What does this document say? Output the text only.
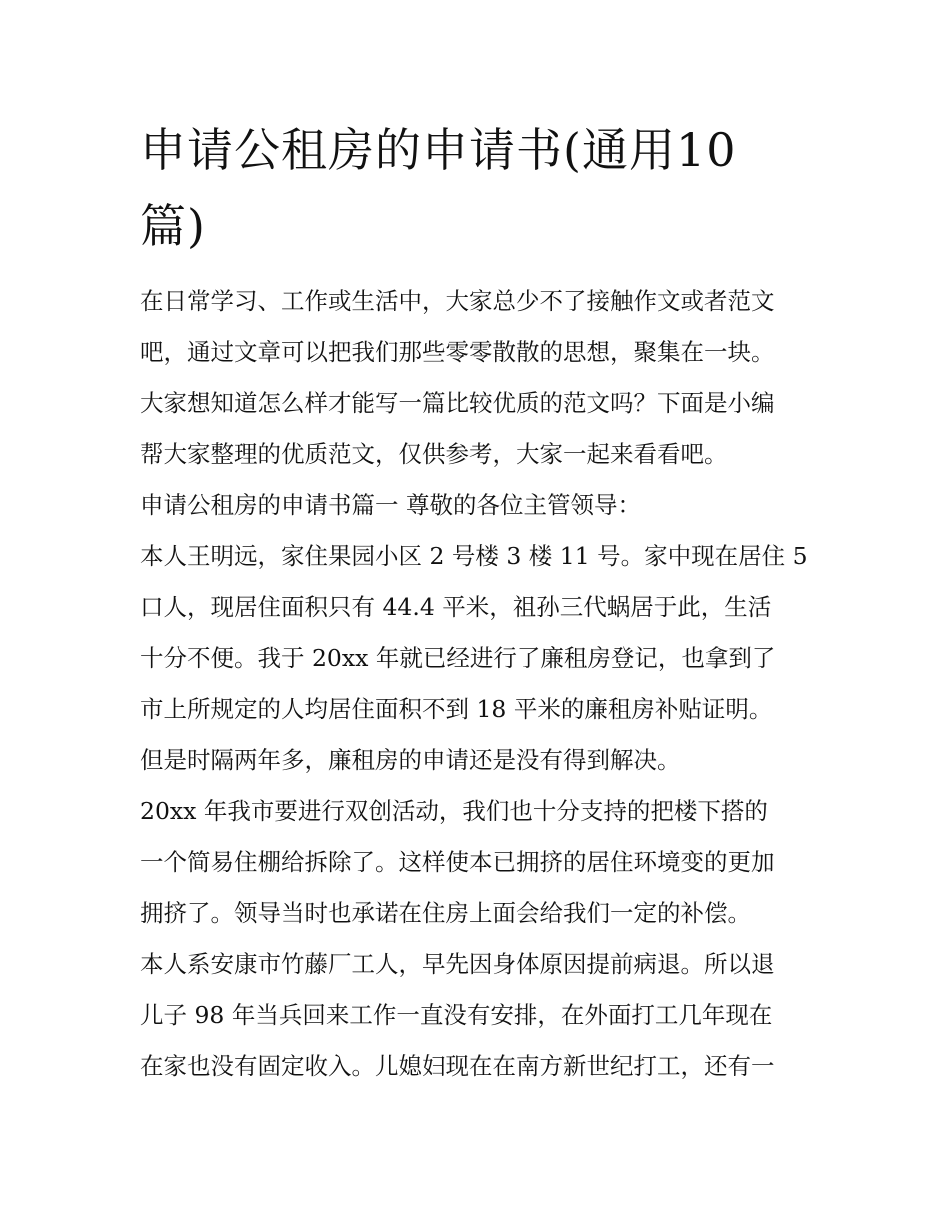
申请公租房的申请书(通用10
篇)
在日常学习、工作或生活中，大家总少不了接触作文或者范文
吧，通过文章可以把我们那些零零散散的思想，聚集在一块。
大家想知道怎么样才能写一篇比较优质的范文吗？下面是小编
帮大家整理的优质范文，仅供参考，大家一起来看看吧。
申请公租房的申请书篇一 尊敬的各位主管领导：
本人王明远，家住果园小区 2 号楼 3 楼 11 号。家中现在居住 5
口人，现居住面积只有 44.4 平米，祖孙三代蜗居于此，生活
十分不便。我于 20xx 年就已经进行了廉租房登记，也拿到了
市上所规定的人均居住面积不到 18 平米的廉租房补贴证明。
但是时隔两年多，廉租房的申请还是没有得到解决。
20xx 年我市要进行双创活动，我们也十分支持的把楼下搭的
一个简易住棚给拆除了。这样使本已拥挤的居住环境变的更加
拥挤了。领导当时也承诺在住房上面会给我们一定的补偿。
本人系安康市竹藤厂工人，早先因身体原因提前病退。所以退
儿子 98 年当兵回来工作一直没有安排，在外面打工几年现在
在家也没有固定收入。儿媳妇现在在南方新世纪打工，还有一
